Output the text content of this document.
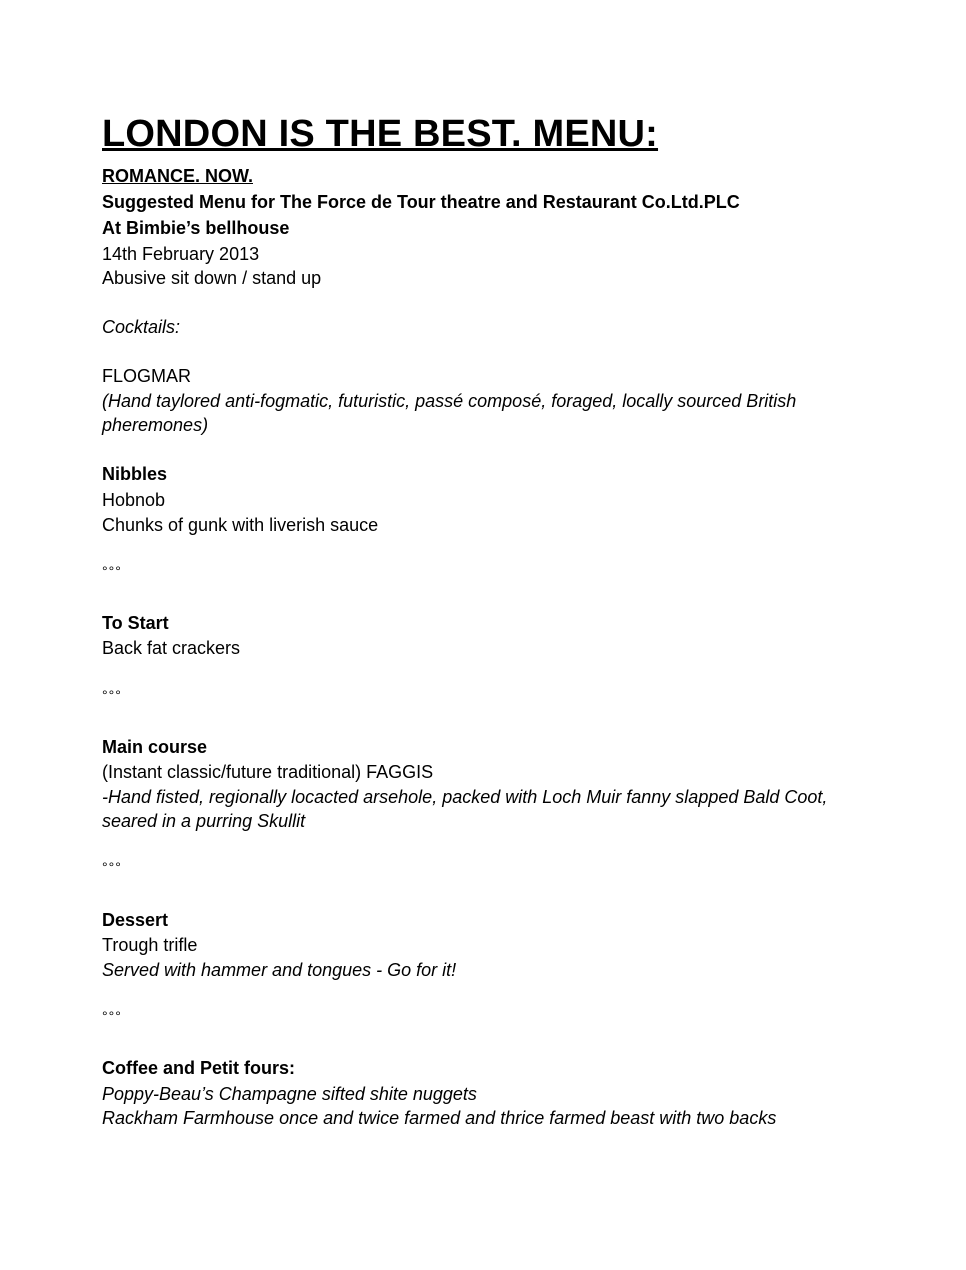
LONDON IS THE BEST. MENU:
ROMANCE. NOW.
Suggested Menu for The Force de Tour theatre and Restaurant Co.Ltd.PLC
At Bimbie’s bellhouse
14th February 2013
Abusive sit down / stand up
Cocktails:
FLOGMAR
(Hand taylored anti-fogmatic, futuristic, passé composé, foraged, locally sourced British
pheremones)
Nibbles
Hobnob
Chunks of gunk with liverish sauce
°°°
To Start
Back fat crackers
°°°
Main course
(Instant classic/future traditional) FAGGIS
-Hand fisted, regionally locacted arsehole, packed with Loch Muir fanny slapped Bald Coot,
seared in a purring Skullit
°°°
Dessert
Trough trifle
Served with hammer and tongues - Go for it!
°°°
Coffee and Petit fours:
Poppy-Beau’s Champagne sifted shite nuggets
Rackham Farmhouse once and twice farmed and thrice farmed beast with two backs
